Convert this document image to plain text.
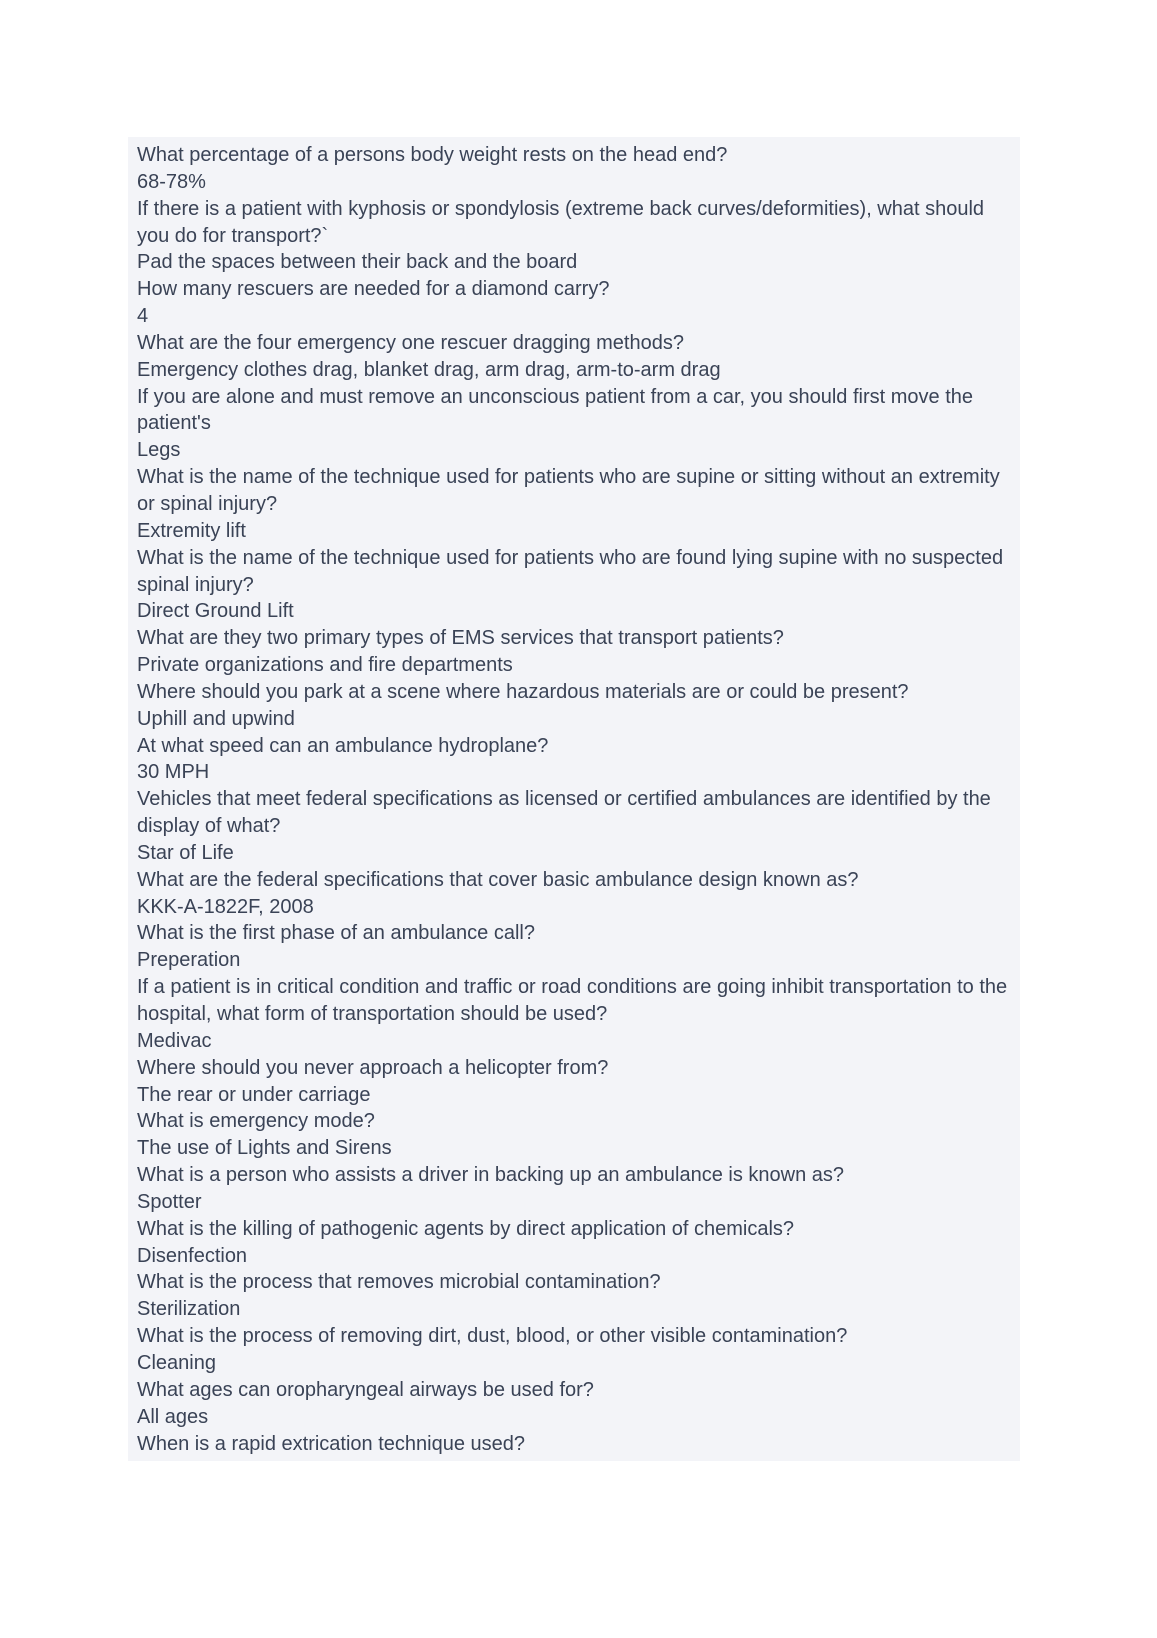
What percentage of a persons body weight rests on the head end?

68-78%

If there is a patient with kyphosis or spondylosis (extreme back curves/deformities), what should you do for transport?`

Pad the spaces between their back and the board

How many rescuers are needed for a diamond carry?

4

What are the four emergency one rescuer dragging methods?

Emergency clothes drag, blanket drag, arm drag, arm-to-arm drag

If you are alone and must remove an unconscious patient from a car, you should first move the patient's

Legs

What is the name of the technique used for patients who are supine or sitting without an extremity or spinal injury?

Extremity lift

What is the name of the technique used for patients who are found lying supine with no suspected spinal injury?

Direct Ground Lift

What are they two primary types of EMS services that transport patients?

Private organizations and fire departments

Where should you park at a scene where hazardous materials are or could be present?

Uphill and upwind

At what speed can an ambulance hydroplane?

30 MPH

Vehicles that meet federal specifications as licensed or certified ambulances are identified by the display of what?

Star of Life

What are the federal specifications that cover basic ambulance design known as?

KKK-A-1822F, 2008

What is the first phase of an ambulance call?

Preperation

If a patient is in critical condition and traffic or road conditions are going inhibit transportation to the hospital, what form of transportation should be used?

Medivac

Where should you never approach a helicopter from?

The rear or under carriage

What is emergency mode?

The use of Lights and Sirens

What is a person who assists a driver in backing up an ambulance is known as?

Spotter

What is the killing of pathogenic agents by direct application of chemicals?

Disenfection

What is the process that removes microbial contamination?

Sterilization

What is the process of removing dirt, dust, blood, or other visible contamination?

Cleaning

What ages can oropharyngeal airways be used for?

All ages

When is a rapid extrication technique used?
